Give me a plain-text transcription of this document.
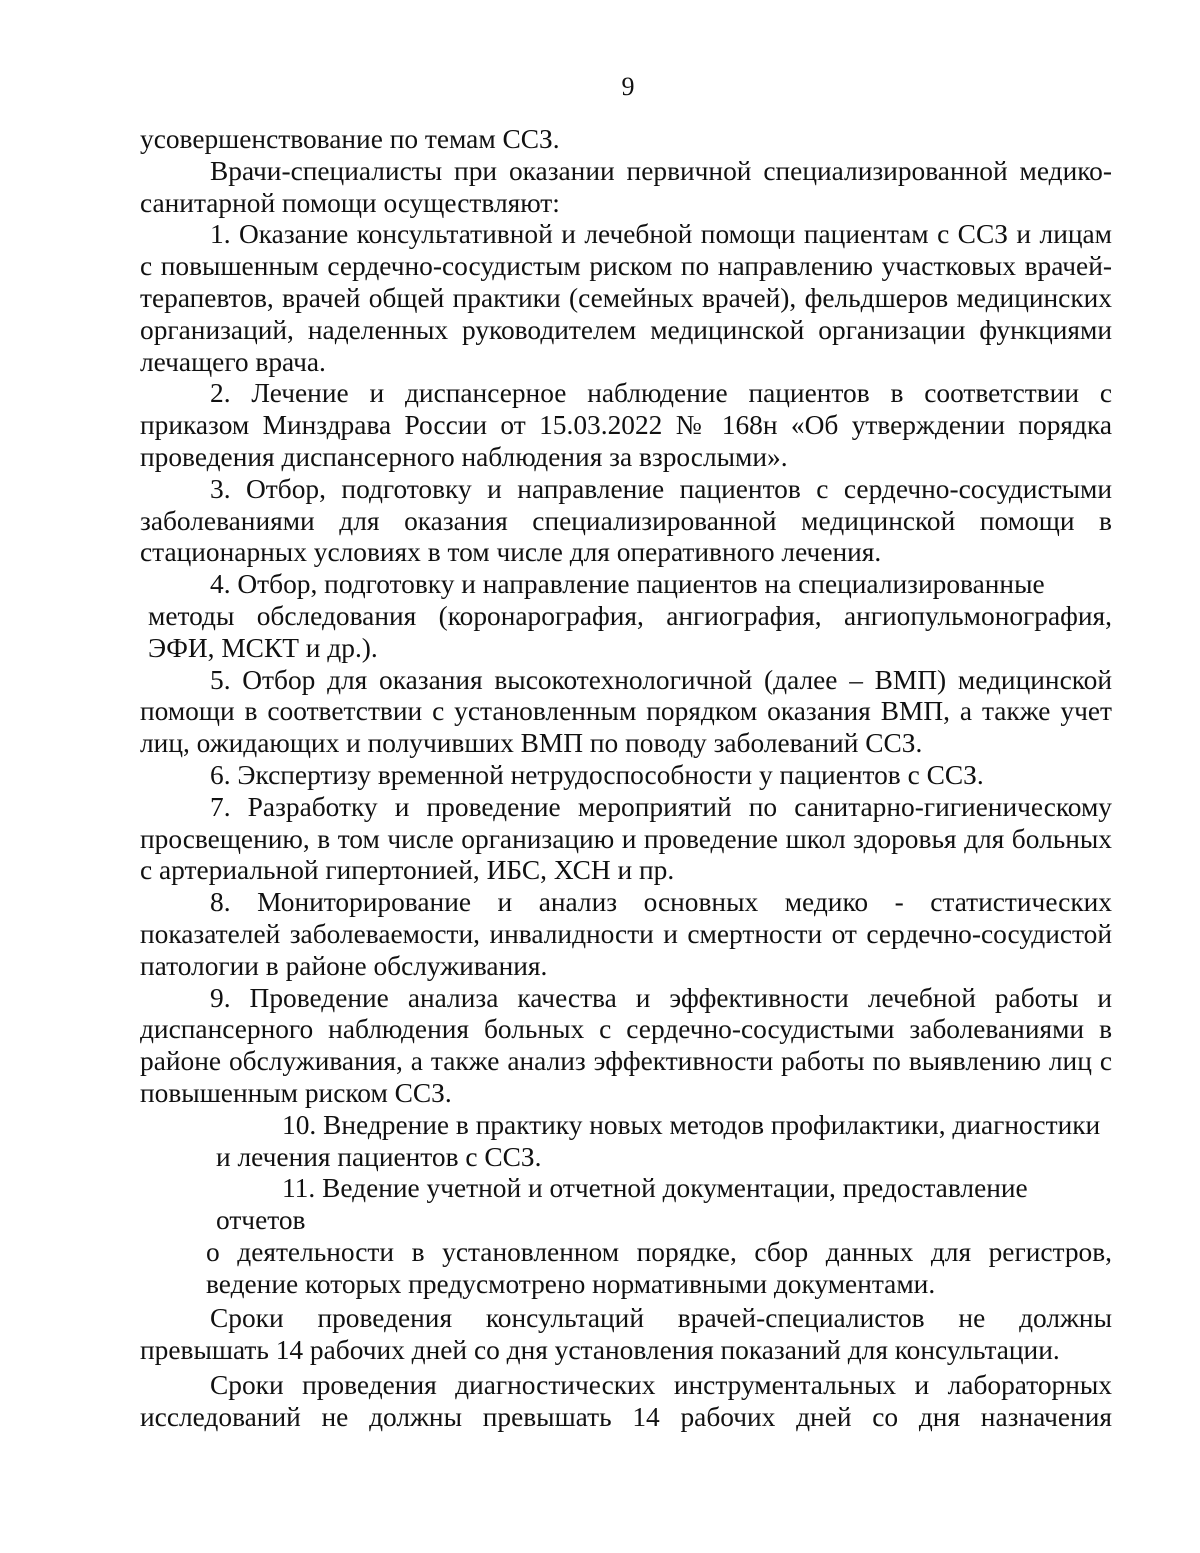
9

усовершенствование по темам ССЗ.

Врачи-специалисты при оказании первичной специализированной медико-санитарной помощи осуществляют:

1. Оказание консультативной и лечебной помощи пациентам с ССЗ и лицам с повышенным сердечно-сосудистым риском по направлению участковых врачей-терапевтов, врачей общей практики (семейных врачей), фельдшеров медицинских организаций, наделенных руководителем медицинской организации функциями лечащего врача.

2. Лечение и диспансерное наблюдение пациентов в соответствии с приказом Минздрава России от 15.03.2022 № 168н «Об утверждении порядка проведения диспансерного наблюдения за взрослыми».

3. Отбор, подготовку и направление пациентов с сердечно-сосудистыми заболеваниями для оказания специализированной медицинской помощи в стационарных условиях в том числе для оперативного лечения.

4. Отбор, подготовку и направление пациентов на специализированные

методы обследования (коронарография, ангиография, ангиопульмонография, ЭФИ, МСКТ и др.).

5. Отбор для оказания высокотехнологичной (далее – ВМП) медицинской помощи в соответствии с установленным порядком оказания ВМП, а также учет лиц, ожидающих и получивших ВМП по поводу заболеваний ССЗ.

6. Экспертизу временной нетрудоспособности у пациентов с ССЗ.

7. Разработку и проведение мероприятий по санитарно-гигиеническому просвещению, в том числе организацию и проведение школ здоровья для больных с артериальной гипертонией, ИБС, ХСН и пр.

8. Мониторирование и анализ основных медико - статистических показателей заболеваемости, инвалидности и смертности от сердечно-сосудистой патологии в районе обслуживания.

9. Проведение анализа качества и эффективности лечебной работы и диспансерного наблюдения больных с сердечно-сосудистыми заболеваниями в районе обслуживания, а также анализ эффективности работы по выявлению лиц с повышенным риском ССЗ.

10. Внедрение в практику новых методов профилактики, диагностики

и лечения пациентов с ССЗ.

11. Ведение учетной и отчетной документации, предоставление

отчетов

о деятельности в установленном порядке, сбор данных для регистров, ведение которых предусмотрено нормативными документами.

Сроки проведения консультаций врачей-специалистов не должны превышать 14 рабочих дней со дня установления показаний для консультации.

Сроки проведения диагностических инструментальных и лабораторных исследований не должны превышать 14 рабочих дней со дня назначения
